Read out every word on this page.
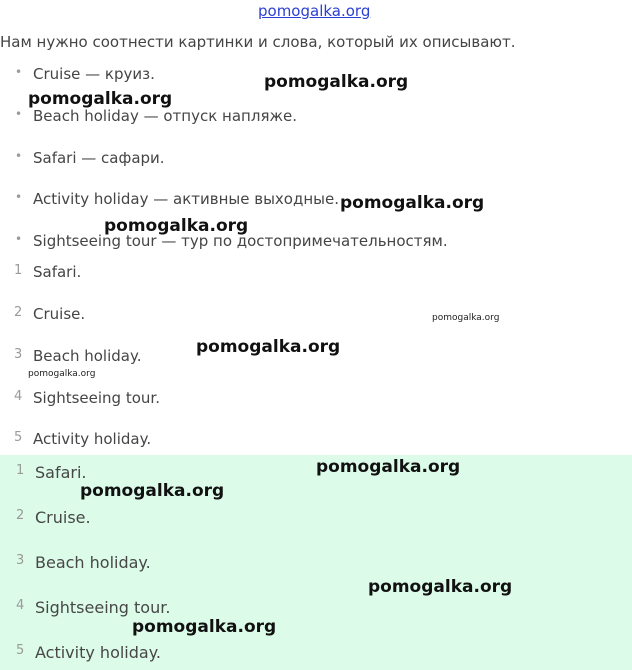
pomogalka.org
Нам нужно соотнести картинки и слова, который их описывают.
• Cruise — круиз.
• Beach holiday — отпуск напляже.
• Safari — сафари.
• Activity holiday — активные выходные.
• Sightseeing tour — тур по достопримечательностям.
1 Safari.
2 Cruise.
3 Beach holiday.
4 Sightseeing tour.
5 Activity holiday.
1 Safari.
2 Cruise.
3 Beach holiday.
4 Sightseeing tour.
5 Activity holiday.
pomogalka.org
pomogalka.org
pomogalka.org
pomogalka.org
pomogalka.org
pomogalka.org
pomogalka.org
pomogalka.org
pomogalka.org
pomogalka.org
pomogalka.org
